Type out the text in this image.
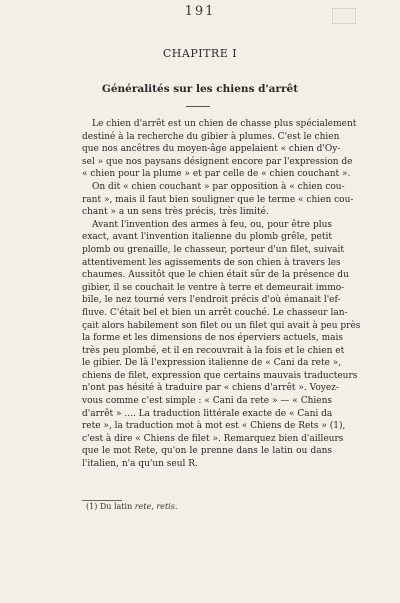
191
CHAPITRE I
Généralités sur les chiens d'arrêt
Le chien d'arrêt est un chien de chasse plus spécialement
destiné à la recherche du gibier à plumes. C'est le chien
que nos ancêtres du moyen-âge appelaient « chien d'Oy-
sel » que nos paysans désignent encore par l'expression de
« chien pour la plume » et par celle de « chien couchant ».
On dit « chien couchant » par opposition à « chien cou-
rant », mais il faut bien souligner que le terme « chien cou-
chant » a un sens très précis, très limité.
Avant l'invention des armes à feu, ou, pour être plus
exact, avant l'invention italienne du plomb grêle, petit
plomb ou grenaille, le chasseur, porteur d'un filet, suivait
attentivement les agissements de son chien à travers les
chaumes. Aussitôt que le chien était sûr de la présence du
gibier, il se couchait le ventre à terre et demeurait immo-
bile, le nez tourné vers l'endroit précis d'où émanait l'ef-
fluve. C'était bel et bien un arrêt couché. Le chasseur lan-
çait alors habilement son filet ou un filet qui avait à peu près
la forme et les dimensions de nos éperviers actuels, mais
très peu plombé, et il en recouvrait à la fois et le chien et
le gibier. De là l'expression italienne de « Cani da rete »,
chiens de filet, expression que certains mauvais traducteurs
n'ont pas hésité à traduire par « chiens d'arrêt ». Voyez-
vous comme c'est simple : « Cani da rete » — « Chiens
d'arrêt » .... La traduction littérale exacte de « Cani da
rete », la traduction mot à mot est « Chiens de Rets » (1),
c'est à dire « Chiens de filet ». Remarquez bien d'ailleurs
que le mot Rete, qu'on le prenne dans le latin ou dans
l'italien, n'a qu'un seul R.
(1) Du latin rete, retis.
